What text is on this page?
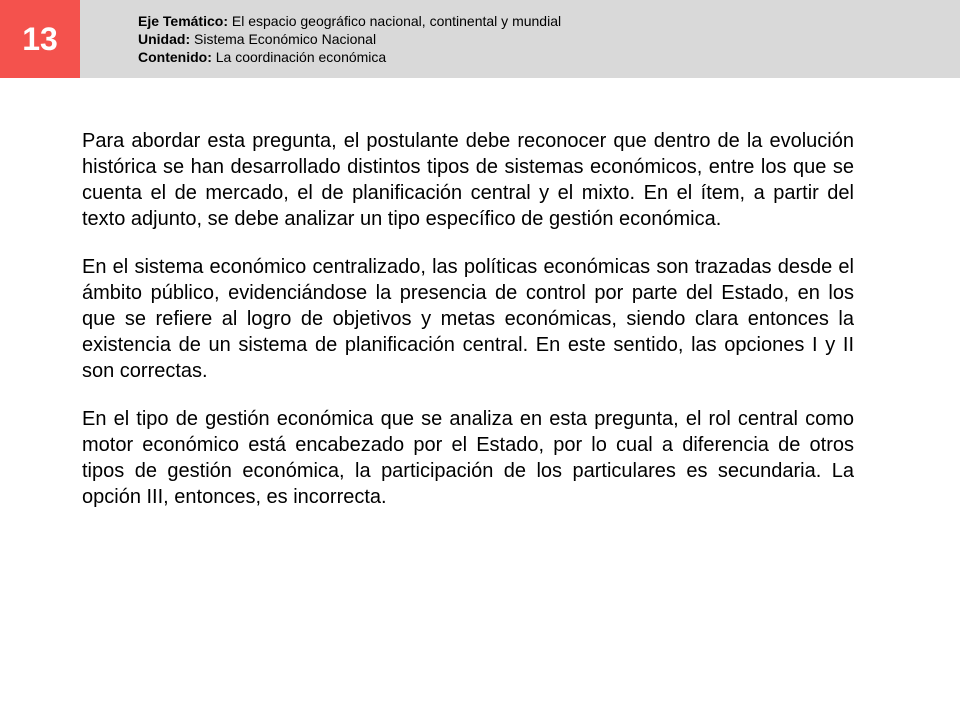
13	Eje Temático: El espacio geográfico nacional, continental y mundial
Unidad: Sistema Económico Nacional
Contenido: La coordinación económica

Para abordar esta pregunta, el postulante debe reconocer que dentro de la evolución histórica se han desarrollado distintos tipos de sistemas económicos, entre los que se cuenta el de mercado, el de planificación central y el mixto. En el ítem, a partir del texto adjunto, se debe analizar un tipo específico de gestión económica.

En el sistema económico centralizado, las políticas económicas son trazadas desde el ámbito público, evidenciándose la presencia de control por parte del Estado, en los que se refiere al logro de objetivos y metas económicas, siendo clara entonces la existencia de un sistema de planificación central. En este sentido, las opciones I y II son correctas.

En el tipo de gestión económica que se analiza en esta pregunta, el rol central como motor económico está encabezado por el Estado, por lo cual a diferencia de otros tipos de gestión económica, la participación de los particulares es secundaria. La opción III, entonces, es incorrecta.
